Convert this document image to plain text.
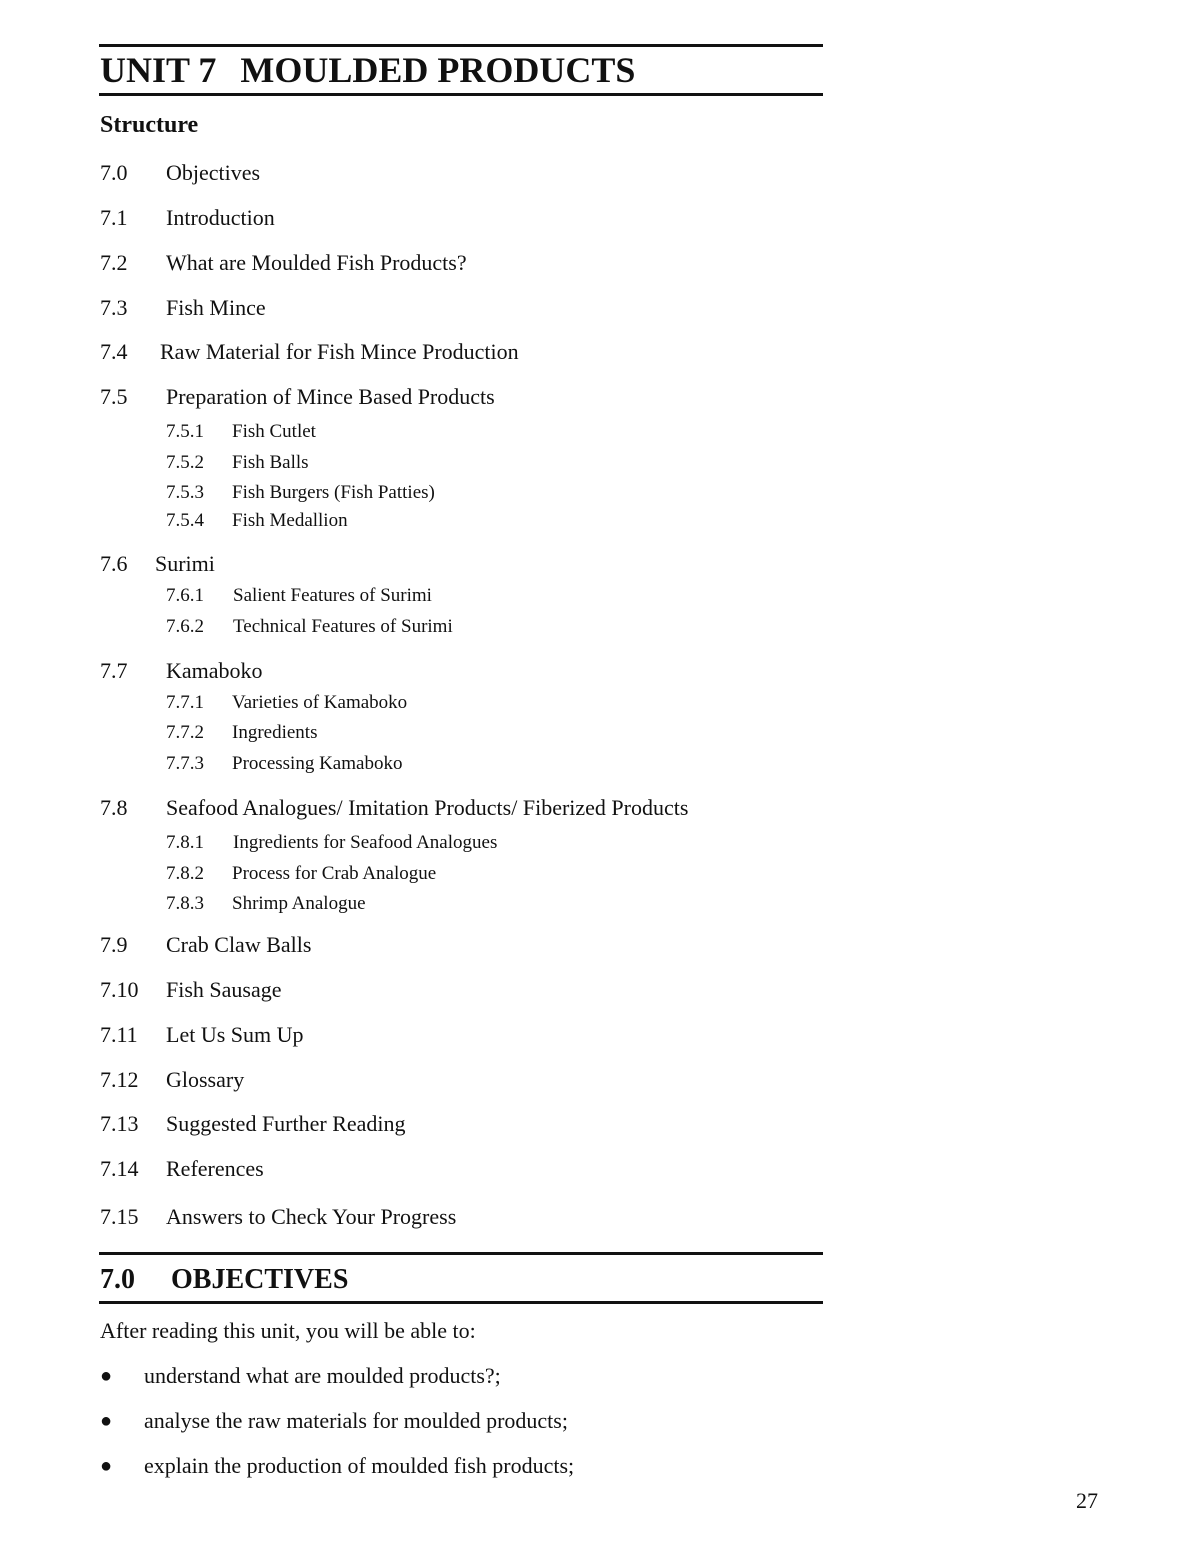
UNIT 7 MOULDED PRODUCTS
Structure
7.0 Objectives
7.1 Introduction
7.2 What are Moulded Fish Products?
7.3 Fish Mince
7.4 Raw Material for Fish Mince Production
7.5 Preparation of Mince Based Products
7.5.1 Fish Cutlet
7.5.2 Fish Balls
7.5.3 Fish Burgers (Fish Patties)
7.5.4 Fish Medallion
7.6 Surimi
7.6.1 Salient Features of Surimi
7.6.2 Technical Features of Surimi
7.7 Kamaboko
7.7.1 Varieties of Kamaboko
7.7.2 Ingredients
7.7.3 Processing Kamaboko
7.8 Seafood Analogues/ Imitation Products/ Fiberized Products
7.8.1 Ingredients for Seafood Analogues
7.8.2 Process for Crab Analogue
7.8.3 Shrimp Analogue
7.9 Crab Claw Balls
7.10 Fish Sausage
7.11 Let Us Sum Up
7.12 Glossary
7.13 Suggested Further Reading
7.14 References
7.15 Answers to Check Your Progress
7.0 OBJECTIVES

After reading this unit, you will be able to:

● understand what are moulded products?;
● analyse the raw materials for moulded products;
● explain the production of moulded fish products;
27
